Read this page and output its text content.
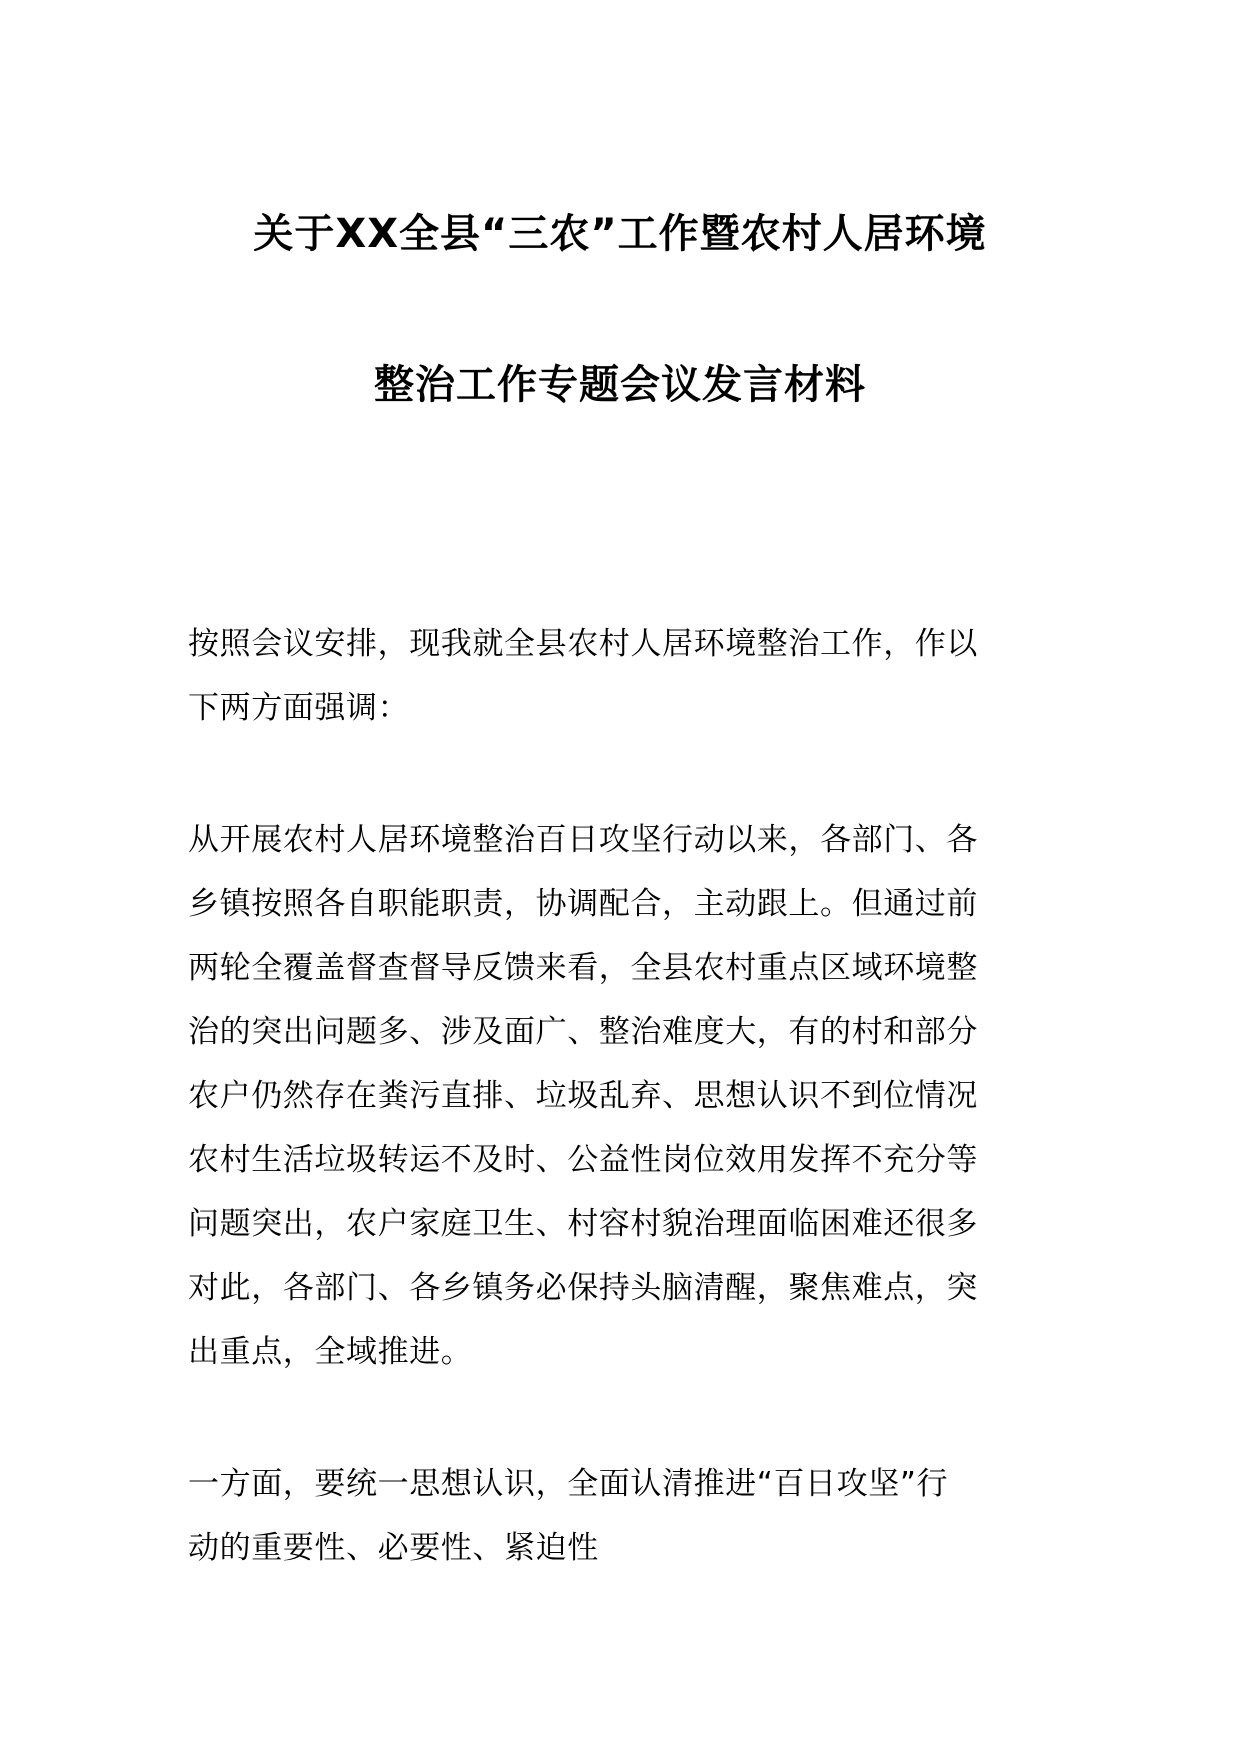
关于XX全县“三农”工作暨农村人居环境
整治工作专题会议发言材料

按照会议安排，现我就全县农村人居环境整治工作，作以
下两方面强调：

从开展农村人居环境整治百日攻坚行动以来，各部门、各
乡镇按照各自职能职责，协调配合，主动跟上。但通过前
两轮全覆盖督查督导反馈来看，全县农村重点区域环境整
治的突出问题多、涉及面广、整治难度大，有的村和部分
农户仍然存在粪污直排、垃圾乱弃、思想认识不到位情况
农村生活垃圾转运不及时、公益性岗位效用发挥不充分等
问题突出，农户家庭卫生、村容村貌治理面临困难还很多
对此，各部门、各乡镇务必保持头脑清醒，聚焦难点，突
出重点，全域推进。

一方面，要统一思想认识，全面认清推进“百日攻坚”行
动的重要性、必要性、紧迫性
